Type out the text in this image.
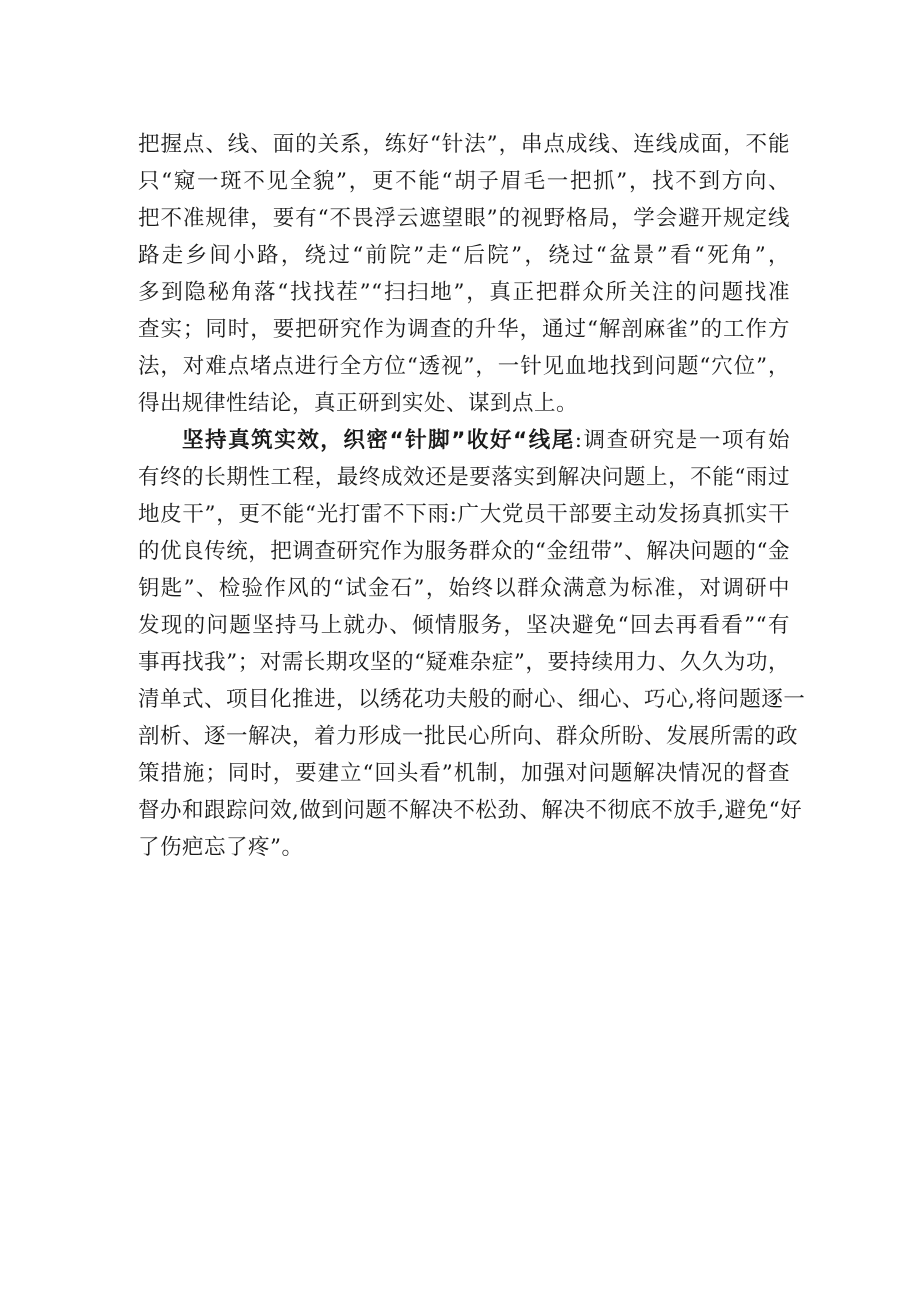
把握点、线、面的关系，练好“针法”，串点成线、连线成面，不能
只“窥一斑不见全貌”，更不能“胡子眉毛一把抓”，找不到方向、
把不准规律，要有“不畏浮云遮望眼”的视野格局，学会避开规定线
路走乡间小路，绕过“前院”走“后院”，绕过“盆景”看“死角”，
多到隐秘角落“找找茬”“扫扫地”，真正把群众所关注的问题找准
查实；同时，要把研究作为调查的升华，通过“解剖麻雀”的工作方
法，对难点堵点进行全方位“透视”，一针见血地找到问题“穴位”，
得出规律性结论，真正研到实处、谋到点上。
坚持真筑实效，织密“针脚”收好“线尾:调查研究是一项有始
有终的长期性工程，最终成效还是要落实到解决问题上，不能“雨过
地皮干”，更不能“光打雷不下雨:广大党员干部要主动发扬真抓实干
的优良传统，把调查研究作为服务群众的“金纽带”、解决问题的“金
钥匙”、检验作风的“试金石”，始终以群众满意为标准，对调研中
发现的问题坚持马上就办、倾情服务，坚决避免“回去再看看”“有
事再找我”；对需长期攻坚的“疑难杂症”，要持续用力、久久为功，
清单式、项目化推进，以绣花功夫般的耐心、细心、巧心,将问题逐一
剖析、逐一解决，着力形成一批民心所向、群众所盼、发展所需的政
策措施；同时，要建立“回头看”机制，加强对问题解决情况的督查
督办和跟踪问效,做到问题不解决不松劲、解决不彻底不放手,避免“好
了伤疤忘了疼”。
